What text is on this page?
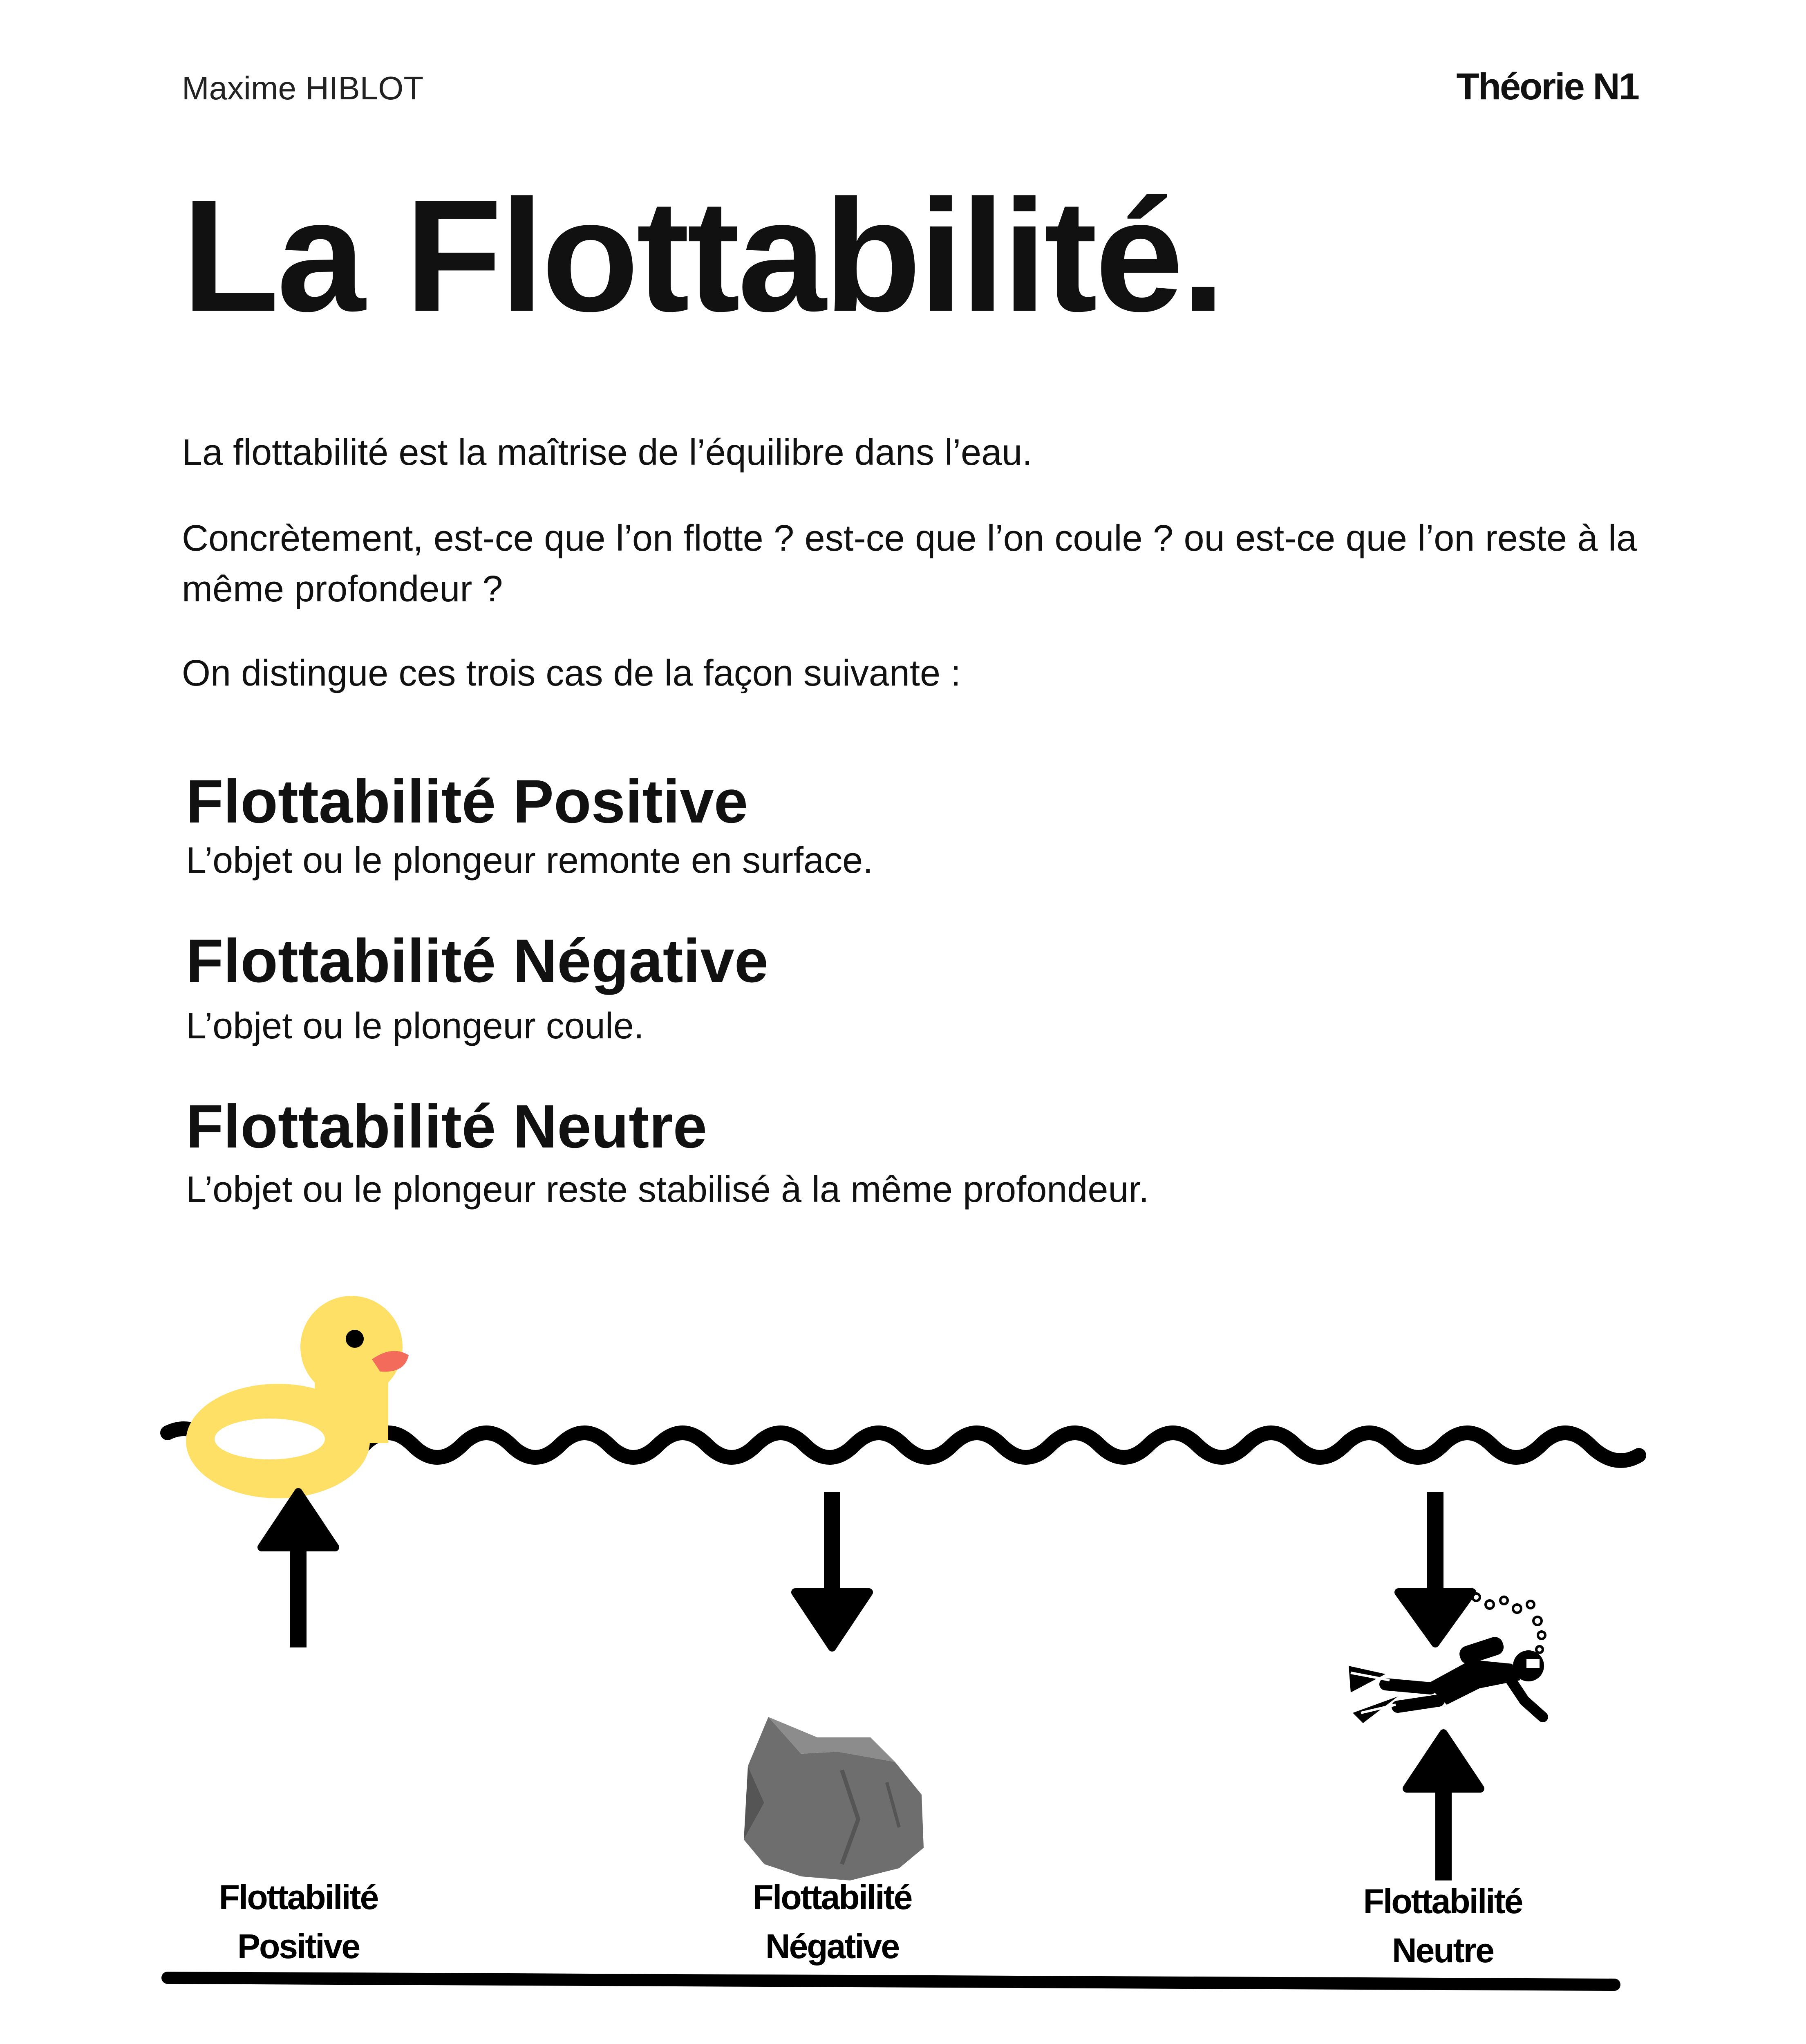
Maxime HIBLOT	Théorie N1
La Flottabilité.

La flottabilité est la maîtrise de l’équilibre dans l’eau.

Concrètement, est-ce que l’on flotte ? est-ce que l’on coule ? ou est-ce que l’on reste à la même profondeur ?

On distingue ces trois cas de la façon suivante :

Flottabilité Positive

L’objet ou le plongeur remonte en surface.

Flottabilité Négative

L’objet ou le plongeur coule.

Flottabilité Neutre

L’objet ou le plongeur reste stabilisé à la même profondeur.

Flottabilité
Positive
Flottabilité
Négative
Flottabilité
Neutre
